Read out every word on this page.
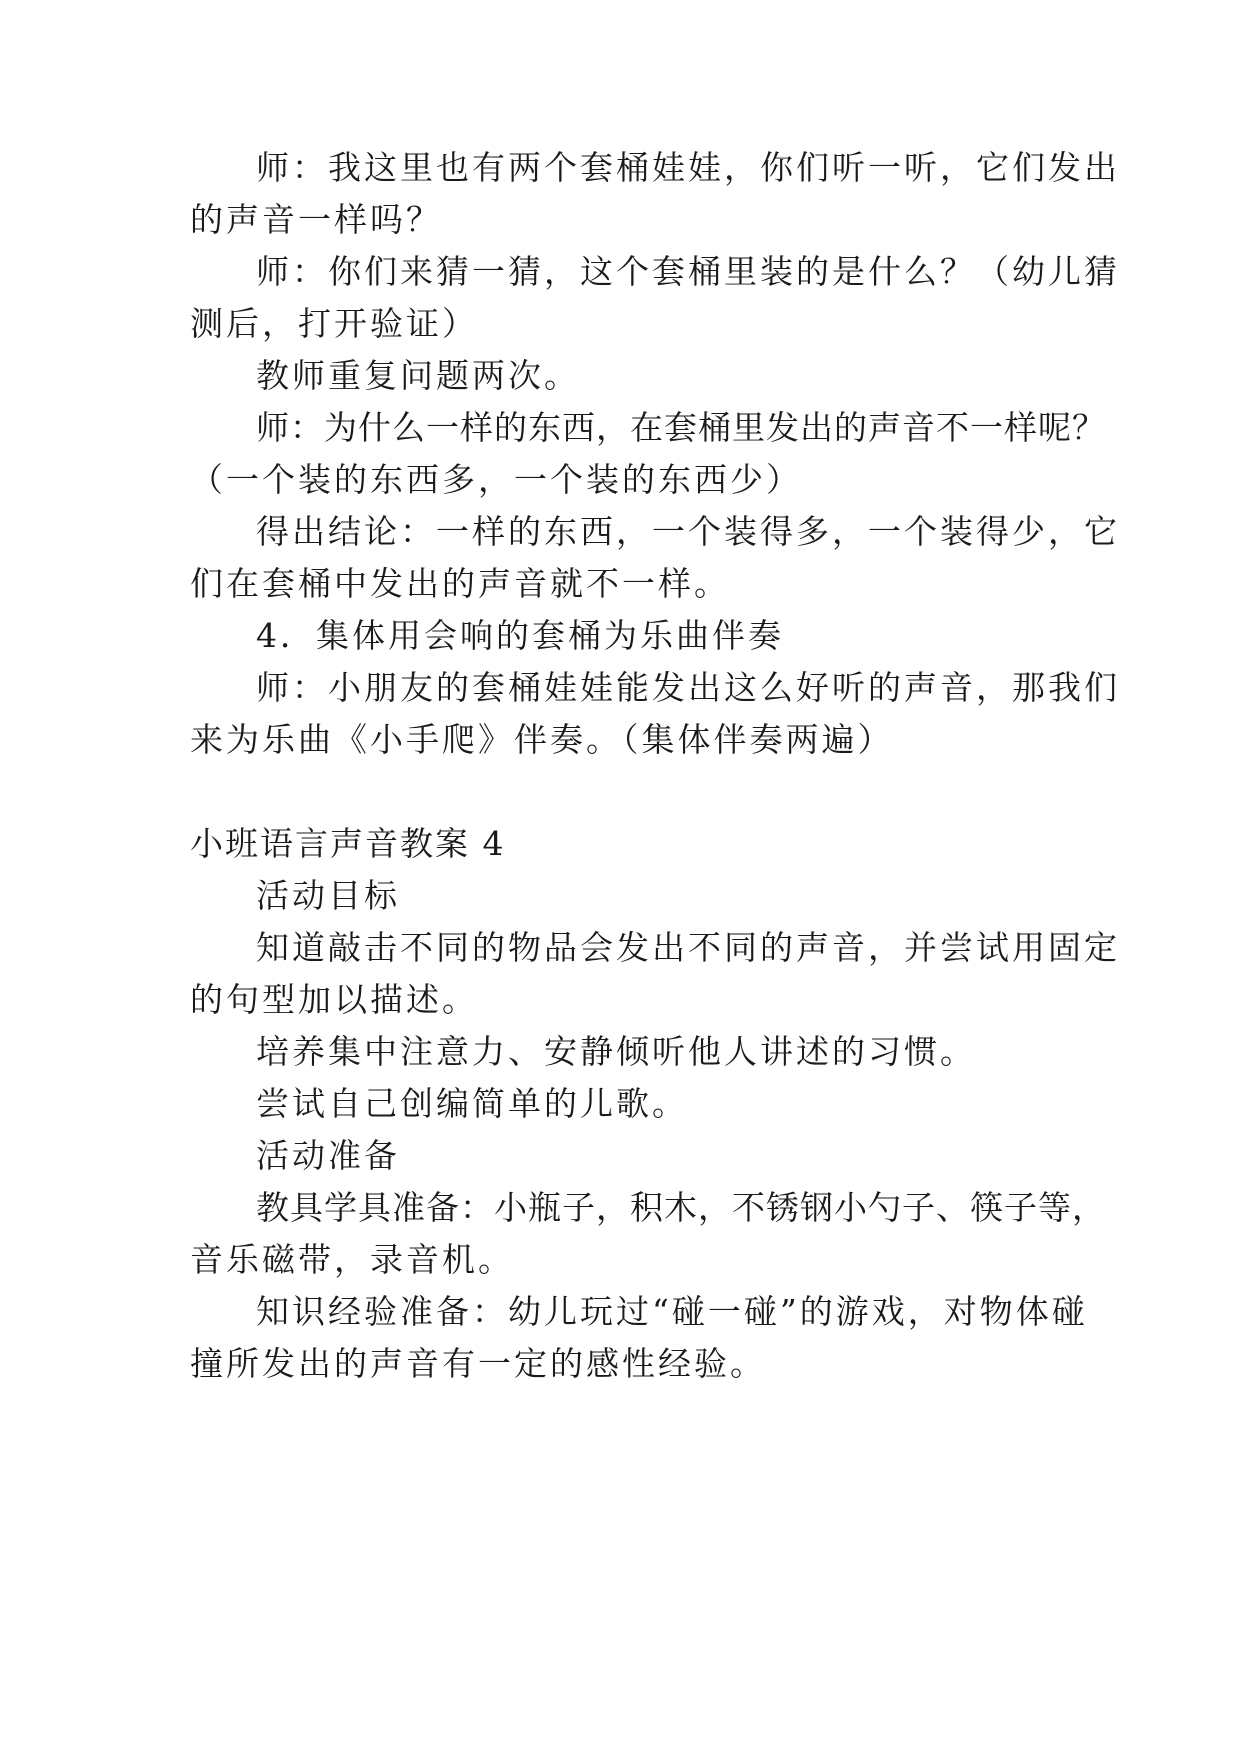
师：我这里也有两个套桶娃娃，你们听一听，它们发出
的声音一样吗？
师：你们来猜一猜，这个套桶里装的是什么？（幼儿猜
测后，打开验证）
教师重复问题两次。
师：为什么一样的东西，在套桶里发出的声音不一样呢？
（一个装的东西多，一个装的东西少）
得出结论：一样的东西，一个装得多，一个装得少，它
们在套桶中发出的声音就不一样。
4．集体用会响的套桶为乐曲伴奏
师：小朋友的套桶娃娃能发出这么好听的声音，那我们
来为乐曲《小手爬》伴奏。（集体伴奏两遍）
小班语言声音教案 4
活动目标
知道敲击不同的物品会发出不同的声音，并尝试用固定
的句型加以描述。
培养集中注意力、安静倾听他人讲述的习惯。
尝试自己创编简单的儿歌。
活动准备
教具学具准备：小瓶子，积木，不锈钢小勺子、筷子等，
音乐磁带，录音机。
知识经验准备：幼儿玩过“碰一碰”的游戏，对物体碰
撞所发出的声音有一定的感性经验。
